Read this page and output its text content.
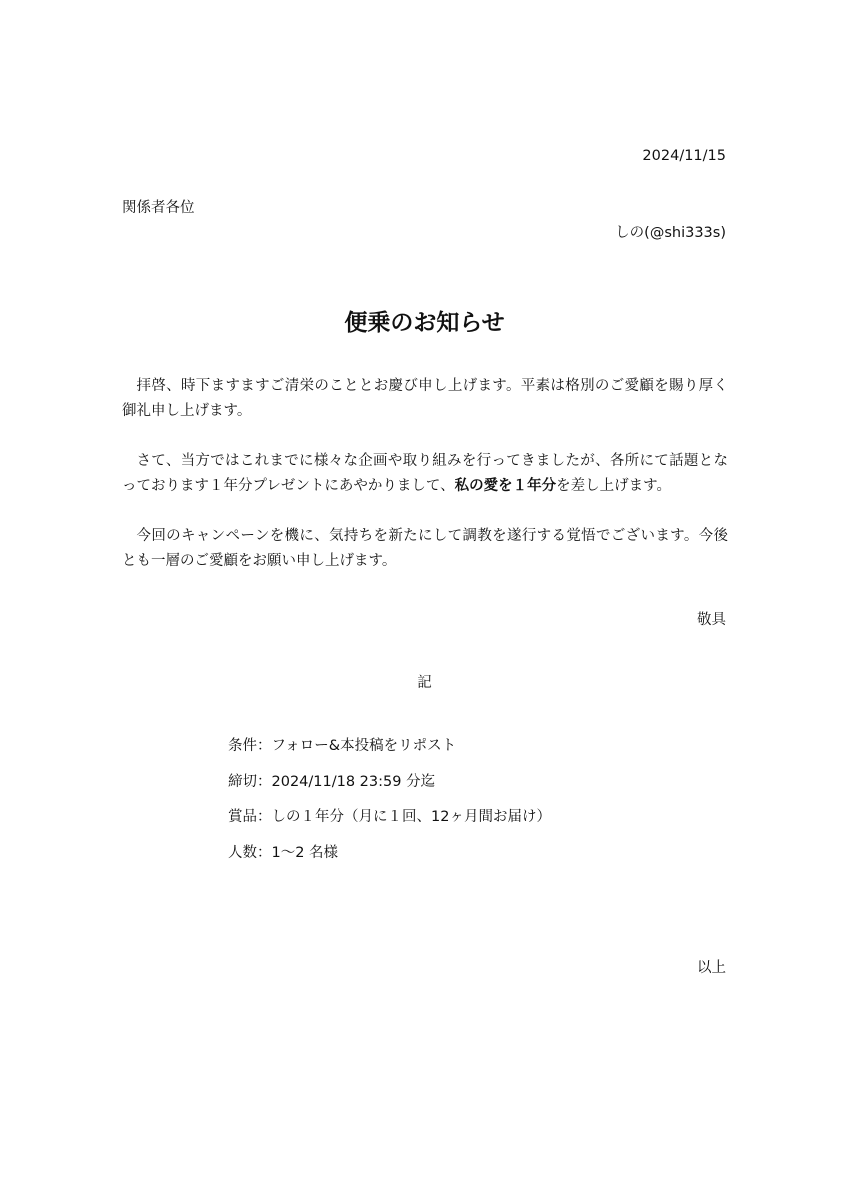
2024/11/15
関係者各位
しの(@shi333s)
便乗のお知らせ

拝啓、時下ますますご清栄のこととお慶び申し上げます。平素は格別のご愛顧を賜り厚く御礼申し上げます。

さて、当方ではこれまでに様々な企画や取り組みを行ってきましたが、各所にて話題となっております１年分プレゼントにあやかりまして、私の愛を１年分を差し上げます。

今回のキャンペーンを機に、気持ちを新たにして調教を遂行する覚悟でございます。今後とも一層のご愛顧をお願い申し上げます。

敬具
記
条件：フォロー&本投稿をリポスト
締切：2024/11/18 23:59 分迄
賞品：しの１年分（月に１回、12ヶ月間お届け）
人数：1〜2 名様
以上
